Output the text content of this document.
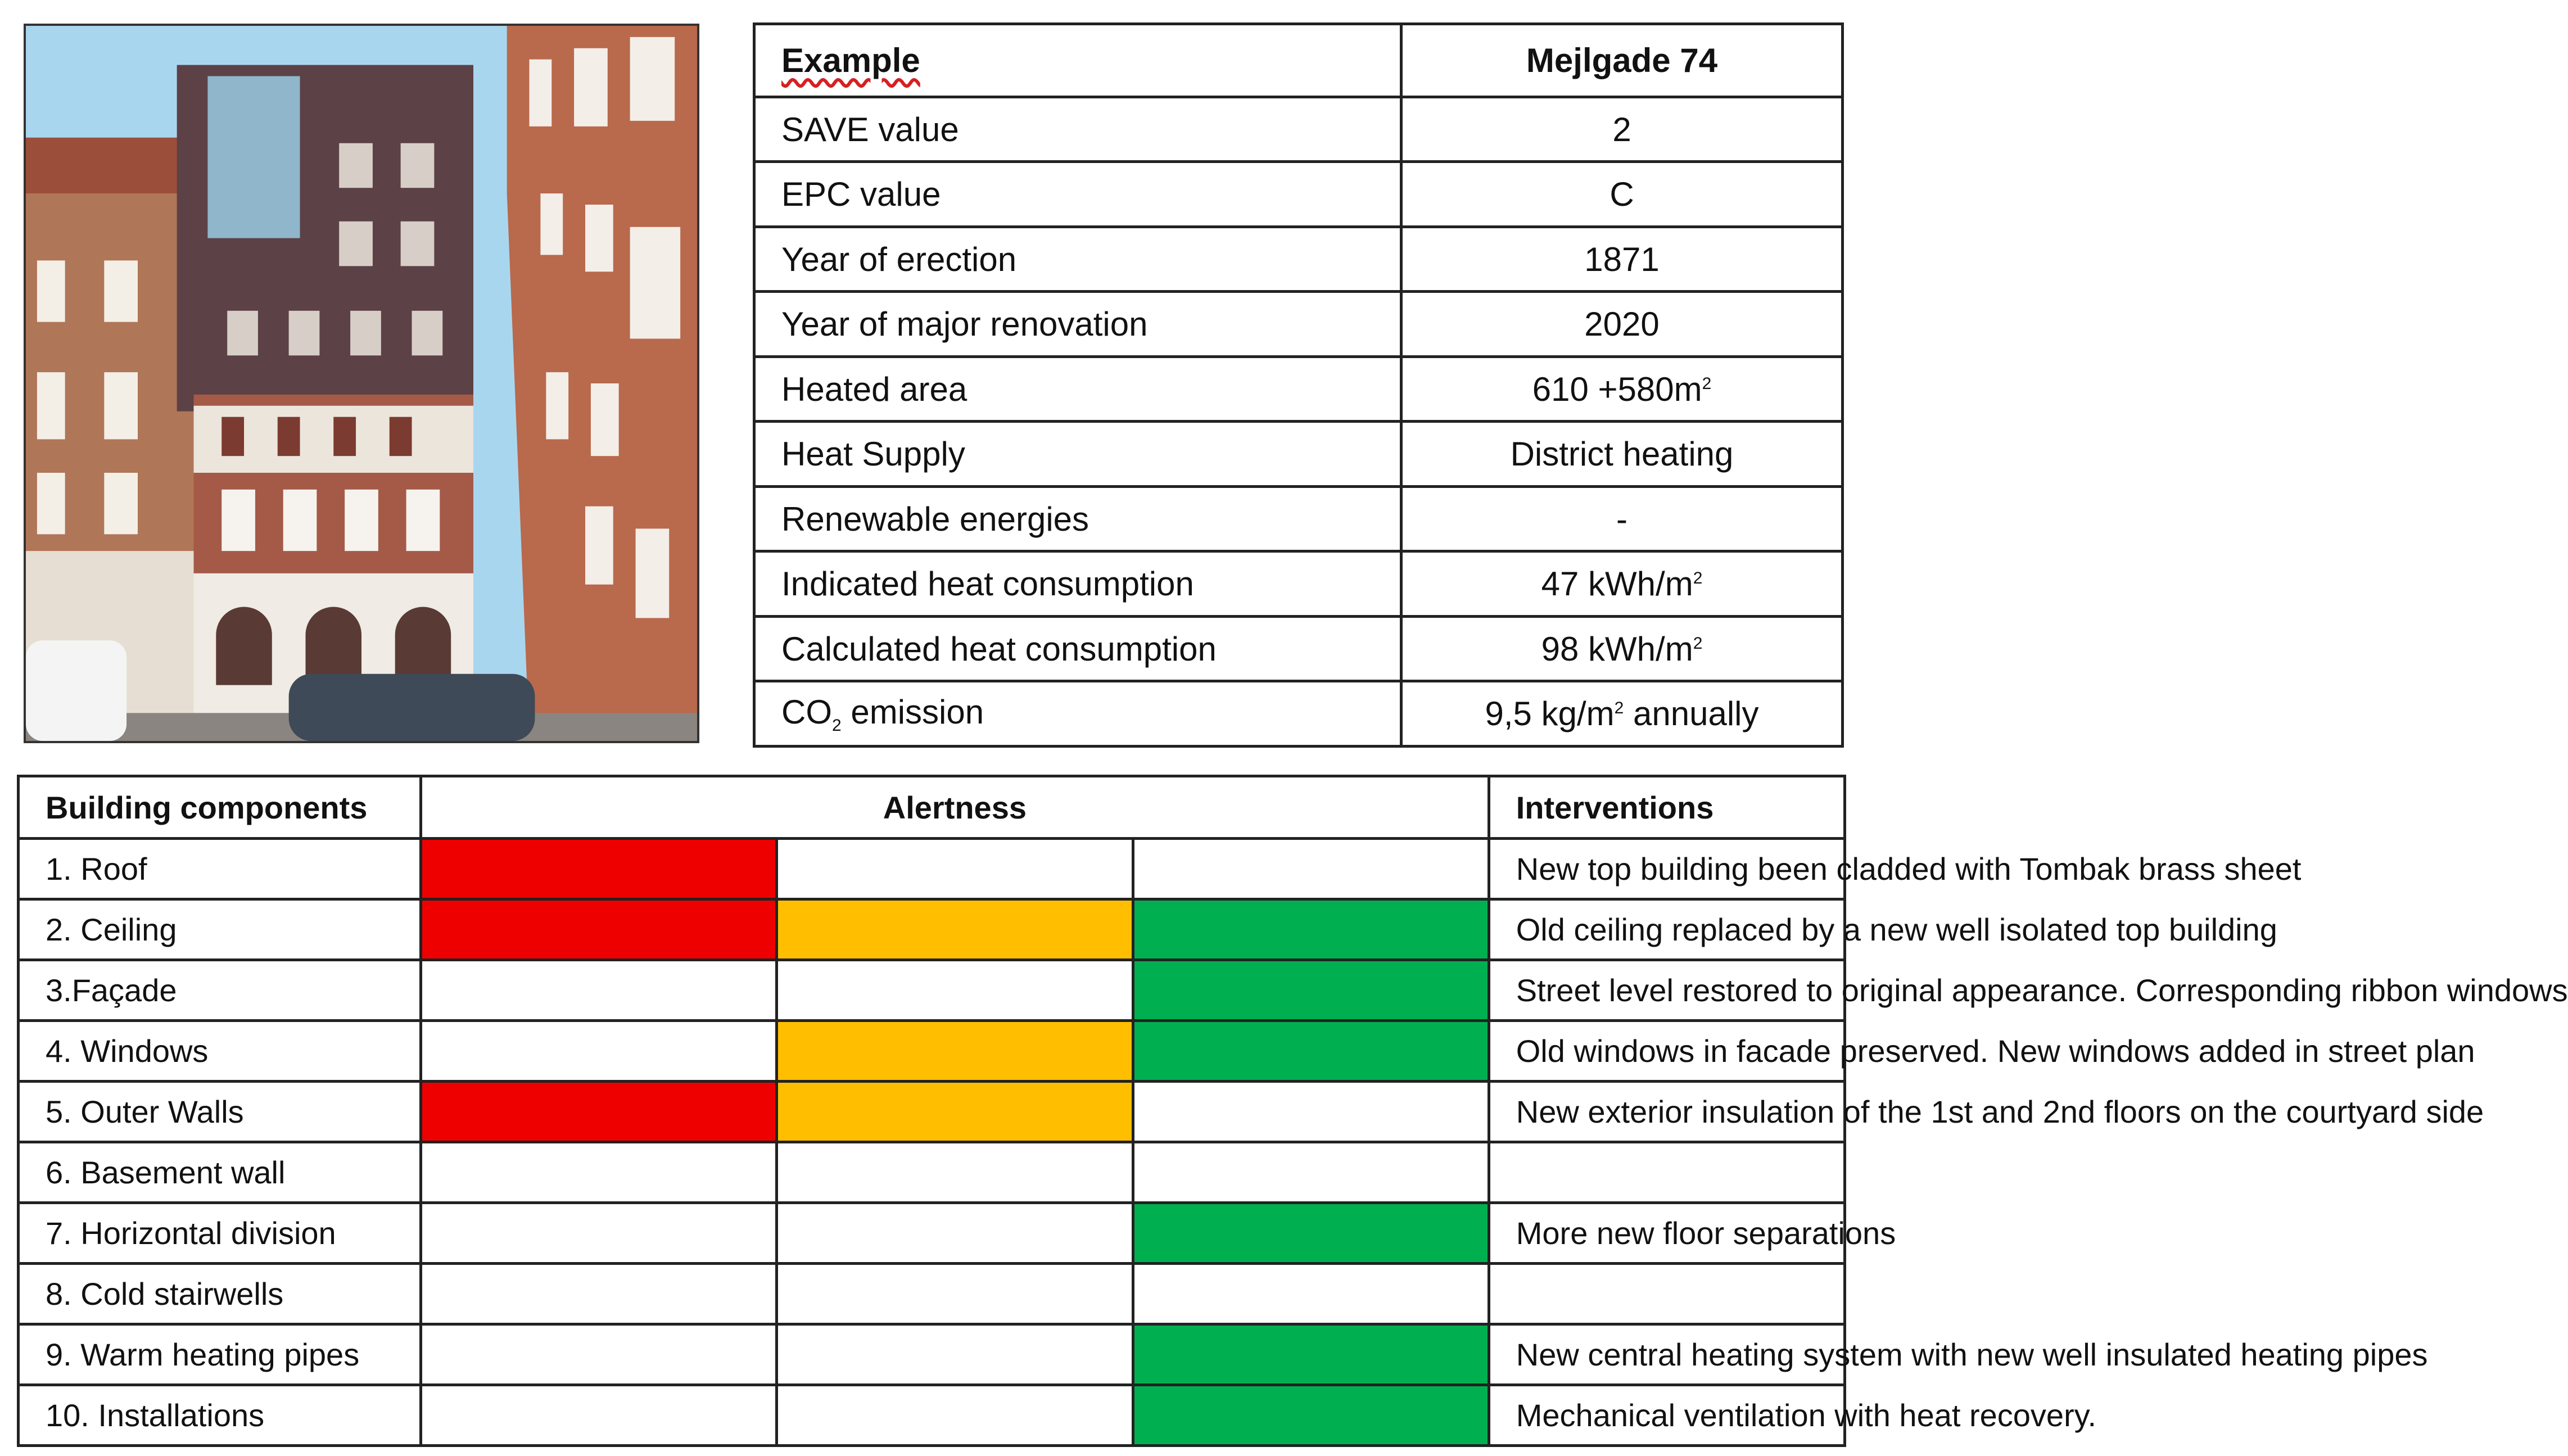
Example	Mejlgade 74
SAVE value	2
EPC value	C
Year of erection	1871
Year of major renovation	2020
Heated area	$610 +580m^2$
Heat Supply	District heating
Renewable energies	-
Indicated heat consumption	47 kWh/$m^2$
Calculated heat consumption	98 kWh/$m^2$
$CO_2$ emission	9,5 $kg/m^2$ annually
Building components	Alertness			Interventions
1. Roof				New top building been cladded with Tombak brass sheet
2. Ceiling				Old ceiling replaced by a new well isolated top building
3.Façade				Street level restored to original appearance. Corresponding ribbon windows
4. Windows				Old windows in facade preserved. New windows added in street plan
5. Outer Walls				New exterior insulation of the 1st and 2nd floors on the courtyard side
6. Basement wall				
7. Horizontal division				More new floor separations
8. Cold stairwells				
9. Warm heating pipes				New central heating system with new well insulated heating pipes
10. Installations				Mechanical ventilation with heat recovery.
